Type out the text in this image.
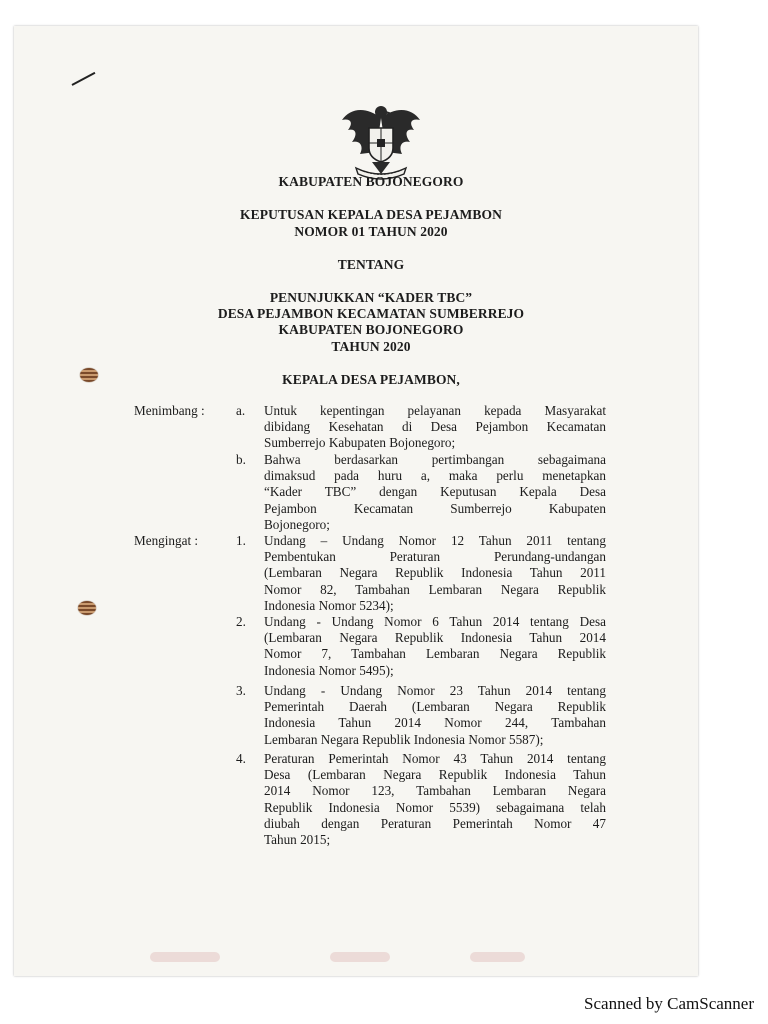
KABUPATEN BOJONEGORO
KEPUTUSAN KEPALA DESA PEJAMBON
NOMOR 01 TAHUN 2020
TENTANG
PENUNJUKKAN “KADER TBC”
DESA PEJAMBON KECAMATAN SUMBERREJO
KABUPATEN BOJONEGORO
TAHUN 2020
KEPALA DESA PEJAMBON,
Menimbang : a. Untuk kepentingan pelayanan kepada Masyarakat
dibidang Kesehatan di Desa Pejambon Kecamatan
Sumberrejo Kabupaten Bojonegoro;
b. Bahwa berdasarkan pertimbangan sebagaimana
dimaksud pada huru a, maka perlu menetapkan
“Kader TBC” dengan Keputusan Kepala Desa
Pejambon Kecamatan Sumberrejo Kabupaten
Bojonegoro;
Mengingat :	1. Undang – Undang Nomor 12 Tahun 2011 tentang
Pembentukan Peraturan Perundang-undangan
(Lembaran Negara Republik Indonesia Tahun 2011
Nomor 82, Tambahan Lembaran Negara Republik
Indonesia Nomor 5234);
2. Undang - Undang Nomor 6 Tahun 2014 tentang Desa
(Lembaran Negara Republik Indonesia Tahun 2014
Nomor 7, Tambahan Lembaran Negara Republik
Indonesia Nomor 5495);
3. Undang - Undang Nomor 23 Tahun 2014 tentang
Pemerintah Daerah (Lembaran Negara Republik
Indonesia Tahun 2014 Nomor 244, Tambahan
Lembaran Negara Republik Indonesia Nomor 5587);
4. Peraturan Pemerintah Nomor 43 Tahun 2014 tentang
Desa (Lembaran Negara Republik Indonesia Tahun
2014 Nomor 123, Tambahan Lembaran Negara
Republik Indonesia Nomor 5539) sebagaimana telah
diubah dengan Peraturan Pemerintah Nomor 47
Tahun 2015;
Scanned by CamScanner
